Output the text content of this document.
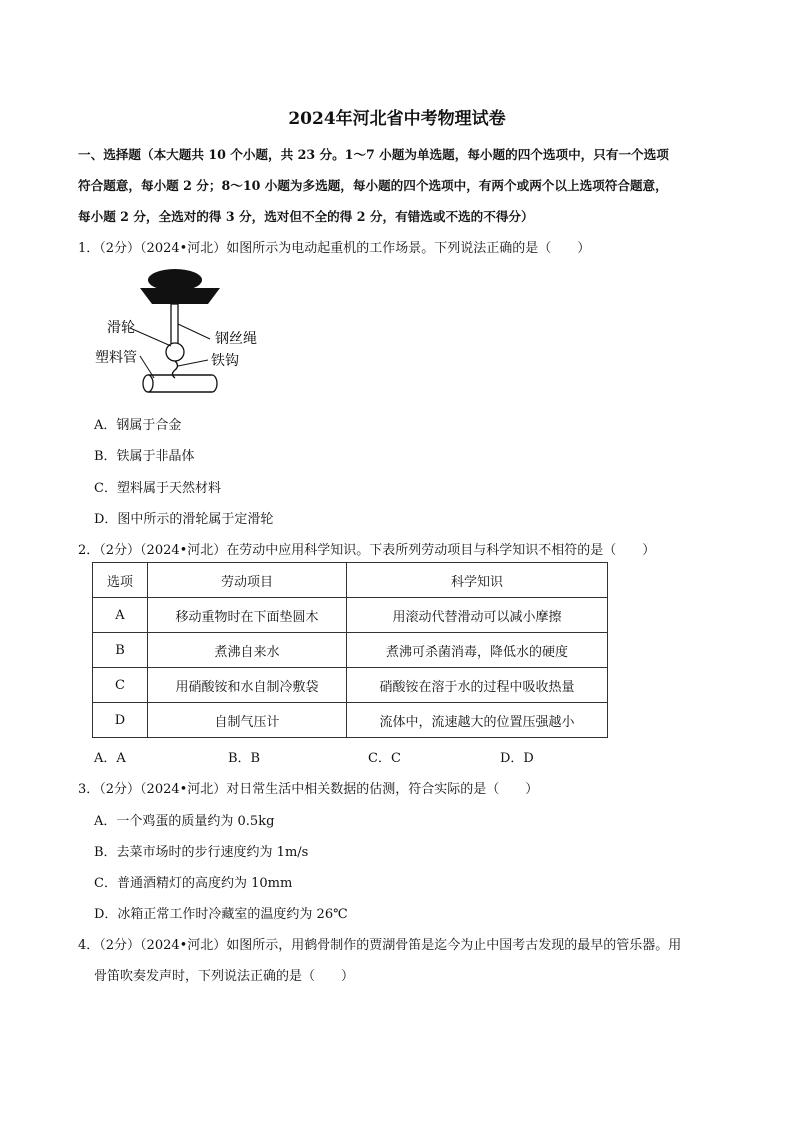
2024年河北省中考物理试卷
一、选择题（本大题共 10 个小题，共 23 分。1～7 小题为单选题，每小题的四个选项中，只有一个选项
符合题意，每小题 2 分；8～10 小题为多选题，每小题的四个选项中，有两个或两个以上选项符合题意，
每小题 2 分，全选对的得 3 分，选对但不全的得 2 分，有错选或不选的不得分）
1．（2分）（2024•河北）如图所示为电动起重机的工作场景。下列说法正确的是（　　）
滑轮
钢丝绳
塑料管	铁钩
A．钢属于合金
B．铁属于非晶体
C．塑料属于天然材料
D．图中所示的滑轮属于定滑轮
2．（2分）（2024•河北）在劳动中应用科学知识。下表所列劳动项目与科学知识不相符的是（　　）
选项	劳动项目	科学知识
A	移动重物时在下面垫圆木	用滚动代替滑动可以减小摩擦
B	煮沸自来水	煮沸可杀菌消毒，降低水的硬度
C	用硝酸铵和水自制冷敷袋	硝酸铵在溶于水的过程中吸收热量
D	自制气压计	流体中，流速越大的位置压强越小
A．A	B．B	C．C	D．D
3．（2分）（2024•河北）对日常生活中相关数据的估测，符合实际的是（　　）
A．一个鸡蛋的质量约为 0.5kg
B．去菜市场时的步行速度约为 1m/s
C．普通酒精灯的高度约为 10mm
D．冰箱正常工作时冷藏室的温度约为 26℃
4．（2分）（2024•河北）如图所示，用鹤骨制作的贾湖骨笛是迄今为止中国考古发现的最早的管乐器。用
骨笛吹奏发声时，下列说法正确的是（　　）
